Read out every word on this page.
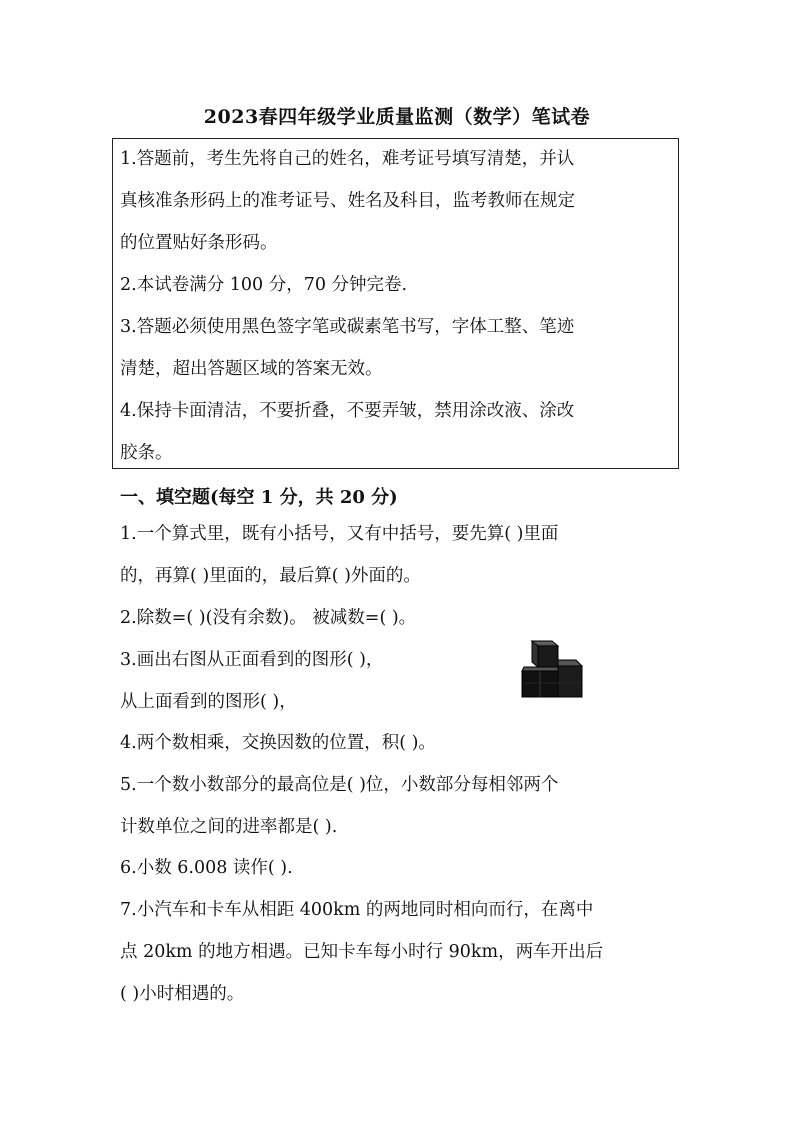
2023春四年级学业质量监测（数学）笔试卷
1.答题前，考生先将自己的姓名，难考证号填写清楚，并认
真核准条形码上的准考证号、姓名及科目，监考教师在规定
的位置贴好条形码。
2.本试卷满分 100 分，70 分钟完卷.
3.答题必须使用黑色签字笔或碳素笔书写，字体工整、笔迹
清楚，超出答题区域的答案无效。
4.保持卡面清洁，不要折叠，不要弄皱，禁用涂改液、涂改
胶条。
一、填空题(每空 1 分，共 20 分)
1.一个算式里，既有小括号，又有中括号，要先算( )里面
的，再算( )里面的，最后算( )外面的。
2.除数=( )(没有余数)。 被减数=( )。
3.画出右图从正面看到的图形( )，
从上面看到的图形( )，
4.两个数相乘，交换因数的位置，积( )。
5.一个数小数部分的最高位是( )位，小数部分每相邻两个
计数单位之间的进率都是( ).
6.小数 6.008 读作( ).
7.小汽车和卡车从相距 400km 的两地同时相向而行，在离中
点 20km 的地方相遇。已知卡车每小时行 90km，两车开出后
( )小时相遇的。
